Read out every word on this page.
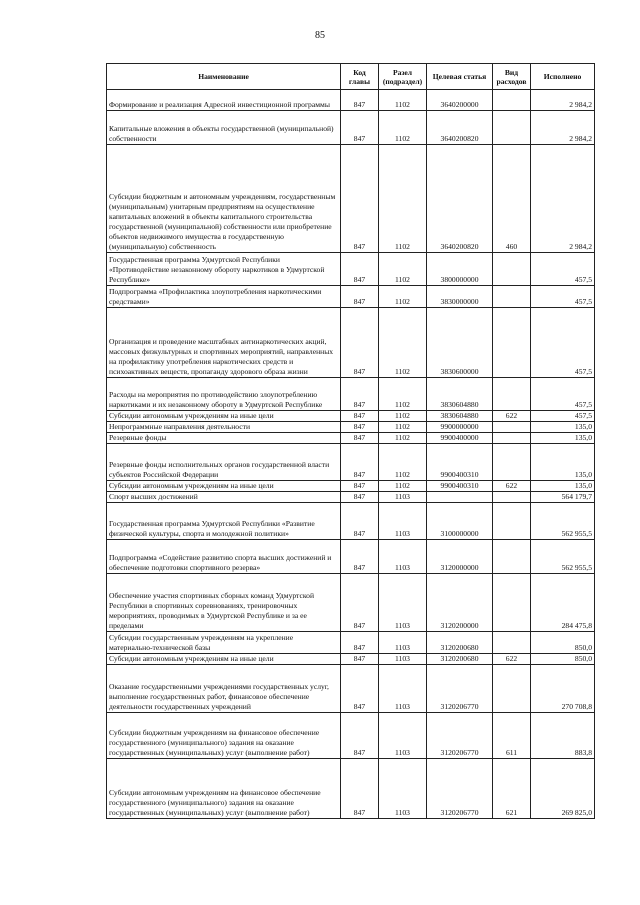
85
Наименование	Код главы	Разел (подраздел)	Целевая статья	Вид расходов	Исполнено
Формирование и реализация Адресной инвестиционной программы	847	1102	3640200000		2 984,2
Капитальные вложения в объекты государственной (муниципальной) собственности	847	1102	3640200820		2 984,2
Субсидии бюджетным и автономным учреждениям, государственным (муниципальным) унитарным предприятиям на осуществление капитальных вложений в объекты капитального строительства государственной (муниципальной) собственности или приобретение объектов недвижимого имущества в государственную (муниципальную) собственность	847	1102	3640200820	460	2 984,2
Государственная программа Удмуртской Республики «Противодействие незаконному обороту наркотиков в Удмуртской Республике»	847	1102	3800000000		457,5
Подпрограмма «Профилактика злоупотребления наркотическими средствами»	847	1102	3830000000		457,5
Организация и проведение масштабных антинаркотических акций, массовых физкультурных и спортивных мероприятий, направленных на профилактику употребления наркотических средств и психоактивных веществ, пропаганду здорового образа жизни	847	1102	3830600000		457,5
Расходы на мероприятия по противодействию злоупотреблению наркотиками и их незаконному обороту в Удмуртской Республике	847	1102	3830604880		457,5
Субсидии автономным учреждениям на иные цели	847	1102	3830604880	622	457,5
Непрограммные направления деятельности	847	1102	9900000000		135,0
Резервные фонды	847	1102	9900400000		135,0
Резервные фонды исполнительных органов государственной власти субъектов Российской Федерации	847	1102	9900400310		135,0
Субсидии автономным учреждениям на иные цели	847	1102	9900400310	622	135,0
Спорт высших достижений	847	1103			564 179,7
Государственная программа Удмуртской Республики «Развитие физической культуры, спорта и молодежной политики»	847	1103	3100000000		562 955,5
Подпрограмма «Содействие развитию спорта высших достижений и обеспечение подготовки спортивного резерва»	847	1103	3120000000		562 955,5
Обеспечение участия спортивных сборных команд Удмуртской Республики в спортивных соревнованиях, тренировочных мероприятиях, проводимых в Удмуртской Республике и за ее пределами	847	1103	3120200000		284 475,8
Субсидии государственным учреждениям на укрепление материально-технической базы	847	1103	3120200680		850,0
Субсидии автономным учреждениям на иные цели	847	1103	3120200680	622	850,0
Оказание государственными учреждениями государственных услуг, выполнение государственных работ, финансовое обеспечение деятельности государственных учреждений	847	1103	3120206770		270 708,8
Субсидии бюджетным учреждениям на финансовое обеспечение государственного (муниципального) задания на оказание государственных (муниципальных) услуг (выполнение работ)	847	1103	3120206770	611	883,8
Субсидии автономным учреждениям на финансовое обеспечение государственного (муниципального) задания на оказание государственных (муниципальных) услуг (выполнение работ)	847	1103	3120206770	621	269 825,0
